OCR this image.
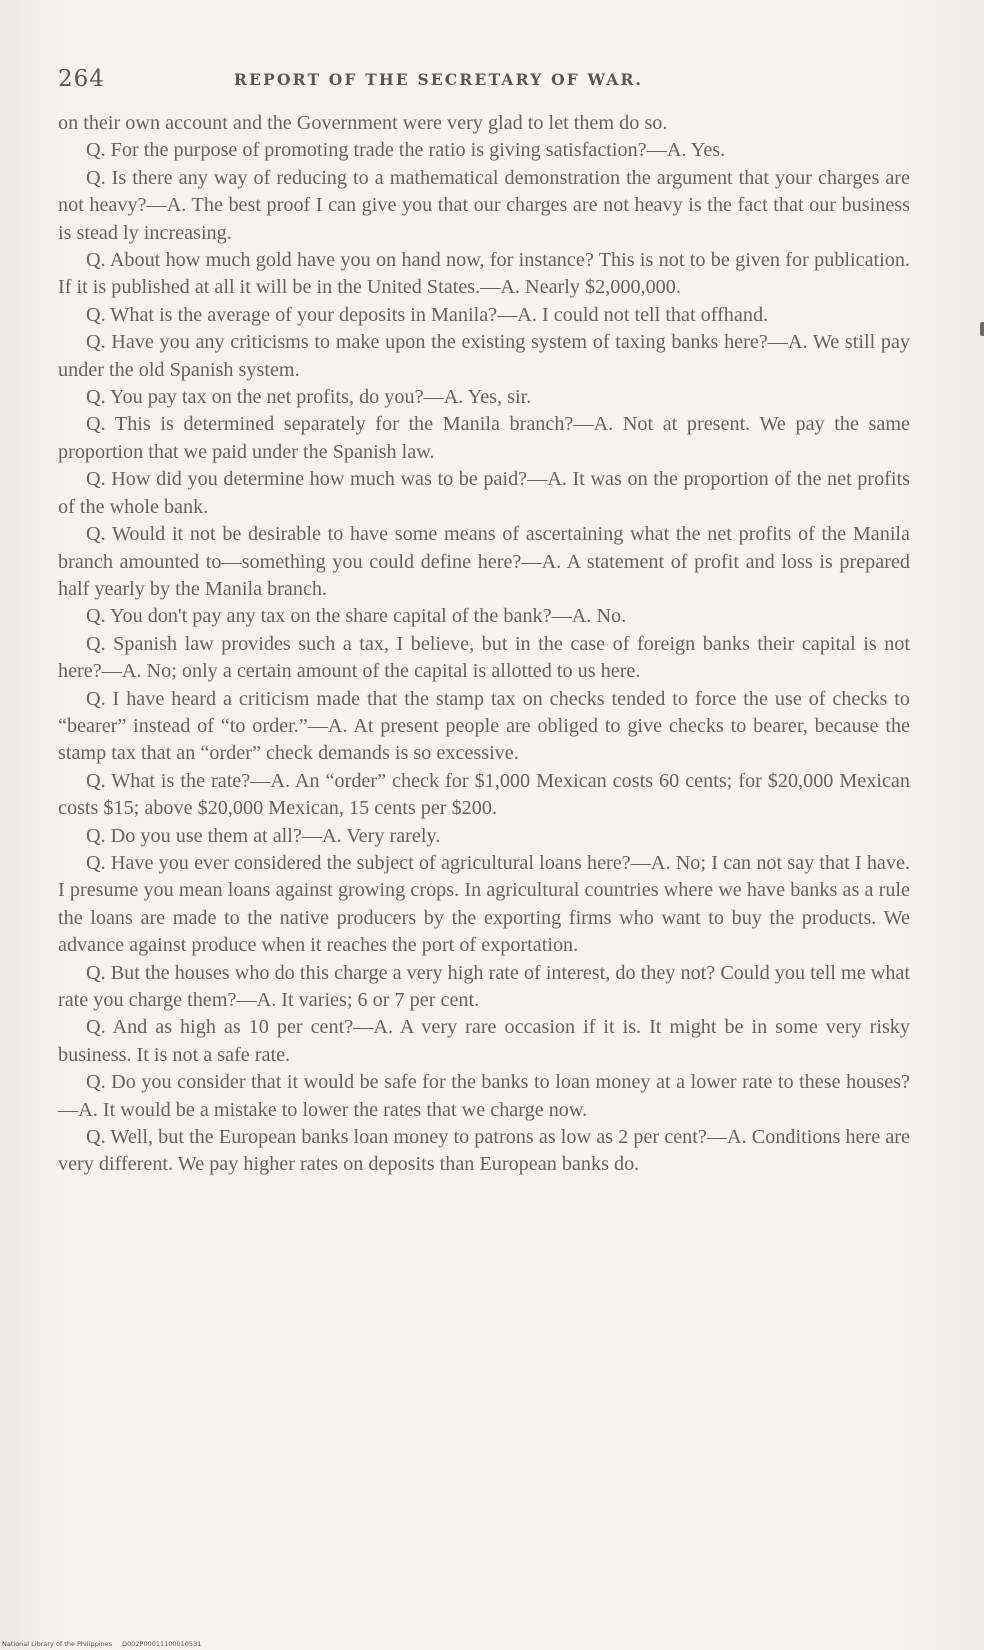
264	REPORT OF THE SECRETARY OF WAR.

on their own account and the Government were very glad to let them do so.

Q. For the purpose of promoting trade the ratio is giving satisfaction?—A. Yes.

Q. Is there any way of reducing to a mathematical demonstration the argument that your charges are not heavy?—A. The best proof I can give you that our charges are not heavy is the fact that our business is stead ly increasing.

Q. About how much gold have you on hand now, for instance? This is not to be given for publication. If it is published at all it will be in the United States.—A. Nearly $2,000,000.

Q. What is the average of your deposits in Manila?—A. I could not tell that offhand.

Q. Have you any criticisms to make upon the existing system of taxing banks here?—A. We still pay under the old Spanish system.

Q. You pay tax on the net profits, do you?—A. Yes, sir.

Q. This is determined separately for the Manila branch?—A. Not at present. We pay the same proportion that we paid under the Spanish law.

Q. How did you determine how much was to be paid?—A. It was on the proportion of the net profits of the whole bank.

Q. Would it not be desirable to have some means of ascertaining what the net profits of the Manila branch amounted to—something you could define here?—A. A statement of profit and loss is prepared half yearly by the Manila branch.

Q. You don't pay any tax on the share capital of the bank?—A. No.

Q. Spanish law provides such a tax, I believe, but in the case of foreign banks their capital is not here?—A. No; only a certain amount of the capital is allotted to us here.

Q. I have heard a criticism made that the stamp tax on checks tended to force the use of checks to “bearer” instead of “to order.”—A. At present people are obliged to give checks to bearer, because the stamp tax that an “order” check demands is so excessive.

Q. What is the rate?—A. An “order” check for $1,000 Mexican costs 60 cents; for $20,000 Mexican costs $15; above $20,000 Mexican, 15 cents per $200.

Q. Do you use them at all?—A. Very rarely.

Q. Have you ever considered the subject of agricultural loans here?—A. No; I can not say that I have. I presume you mean loans against growing crops. In agricultural countries where we have banks as a rule the loans are made to the native producers by the exporting firms who want to buy the products. We advance against produce when it reaches the port of exportation.

Q. But the houses who do this charge a very high rate of interest, do they not? Could you tell me what rate you charge them?—A. It varies; 6 or 7 per cent.

Q. And as high as 10 per cent?—A. A very rare occasion if it is. It might be in some very risky business. It is not a safe rate.

Q. Do you consider that it would be safe for the banks to loan money at a lower rate to these houses?—A. It would be a mistake to lower the rates that we charge now.

Q. Well, but the European banks loan money to patrons as low as 2 per cent?—A. Conditions here are very different. We pay higher rates on deposits than European banks do.

National Library of the Philippines D002P00011100010531
